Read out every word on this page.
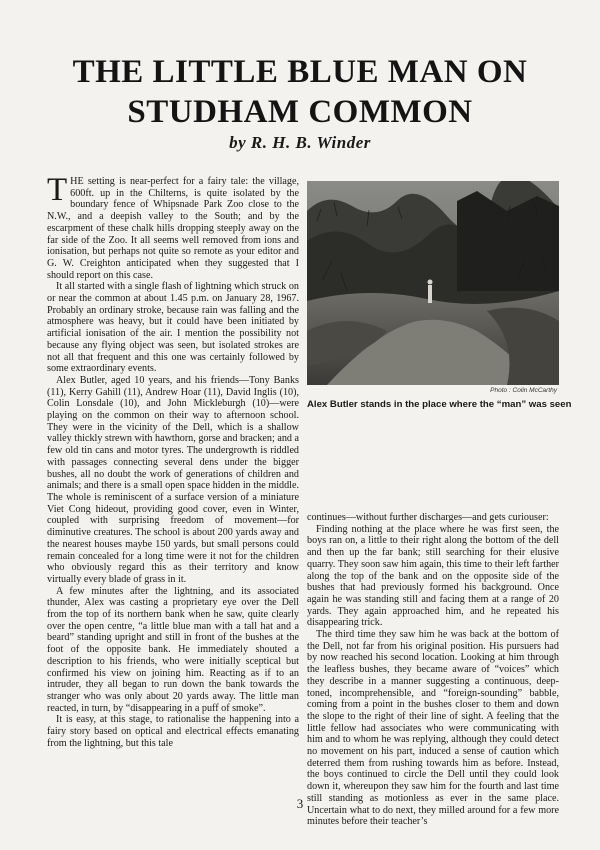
THE LITTLE BLUE MAN ON
STUDHAM COMMON
by R. H. B. Winder

THE setting is near-perfect for a fairy tale: the village, 600ft. up in the Chilterns, is quite isolated by the boundary fence of Whipsnade Park Zoo close to the N.W., and a deepish valley to the South; and by the escarpment of these chalk hills dropping steeply away on the far side of the Zoo. It all seems well removed from ions and ionisation, but perhaps not quite so remote as your editor and G. W. Creighton anticipated when they suggested that I should report on this case.

It all started with a single flash of lightning which struck on or near the common at about 1.45 p.m. on January 28, 1967. Probably an ordinary stroke, because rain was falling and the atmosphere was heavy, but it could have been initiated by artificial ionisation of the air. I mention the possibility not because any flying object was seen, but isolated strokes are not all that frequent and this one was certainly followed by some extraordinary events.

Alex Butler, aged 10 years, and his friends—Tony Banks (11), Kerry Gahill (11), Andrew Hoar (11), David Inglis (10), Colin Lonsdale (10), and John Mickleburgh (10)—were playing on the common on their way to afternoon school. They were in the vicinity of the Dell, which is a shallow valley thickly strewn with hawthorn, gorse and bracken; and a few old tin cans and motor tyres. The undergrowth is riddled with passages connecting several dens under the bigger bushes, all no doubt the work of generations of children and animals; and there is a small open space hidden in the middle. The whole is reminiscent of a surface version of a miniature Viet Cong hideout, providing good cover, even in Winter, coupled with surprising freedom of movement—for diminutive creatures. The school is about 200 yards away and the nearest houses maybe 150 yards, but small persons could remain concealed for a long time were it not for the children who obviously regard this as their territory and know virtually every blade of grass in it.

A few minutes after the lightning, and its associated thunder, Alex was casting a proprietary eye over the Dell from the top of its northern bank when he saw, quite clearly over the open centre, “a little blue man with a tall hat and a beard” standing upright and still in front of the bushes at the foot of the opposite bank. He immediately shouted a description to his friends, who were initially sceptical but confirmed his view on joining him. Reacting as if to an intruder, they all began to run down the bank towards the stranger who was only about 20 yards away. The little man reacted, in turn, by “disappearing in a puff of smoke”.

It is easy, at this stage, to rationalise the happening into a fairy story based on optical and electrical effects emanating from the lightning, but this tale

Photo : Colin McCarthy
Alex Butler stands in the place where the “man” was seen

continues—without further discharges—and gets curiouser:

Finding nothing at the place where he was first seen, the boys ran on, a little to their right along the bottom of the dell and then up the far bank; still searching for their elusive quarry. They soon saw him again, this time to their left farther along the top of the bank and on the opposite side of the bushes that had previously formed his background. Once again he was standing still and facing them at a range of 20 yards. They again approached him, and he repeated his disappearing trick.

The third time they saw him he was back at the bottom of the Dell, not far from his original position. His pursuers had by now reached his second location. Looking at him through the leafless bushes, they became aware of “voices” which they describe in a manner suggesting a continuous, deep-toned, incomprehensible, and “foreign-sounding” babble, coming from a point in the bushes closer to them and down the slope to the right of their line of sight. A feeling that the little fellow had associates who were communicating with him and to whom he was replying, although they could detect no movement on his part, induced a sense of caution which deterred them from rushing towards him as before. Instead, the boys continued to circle the Dell until they could look down it, whereupon they saw him for the fourth and last time still standing as motionless as ever in the same place. Uncertain what to do next, they milled around for a few more minutes before their teacher’s

3
